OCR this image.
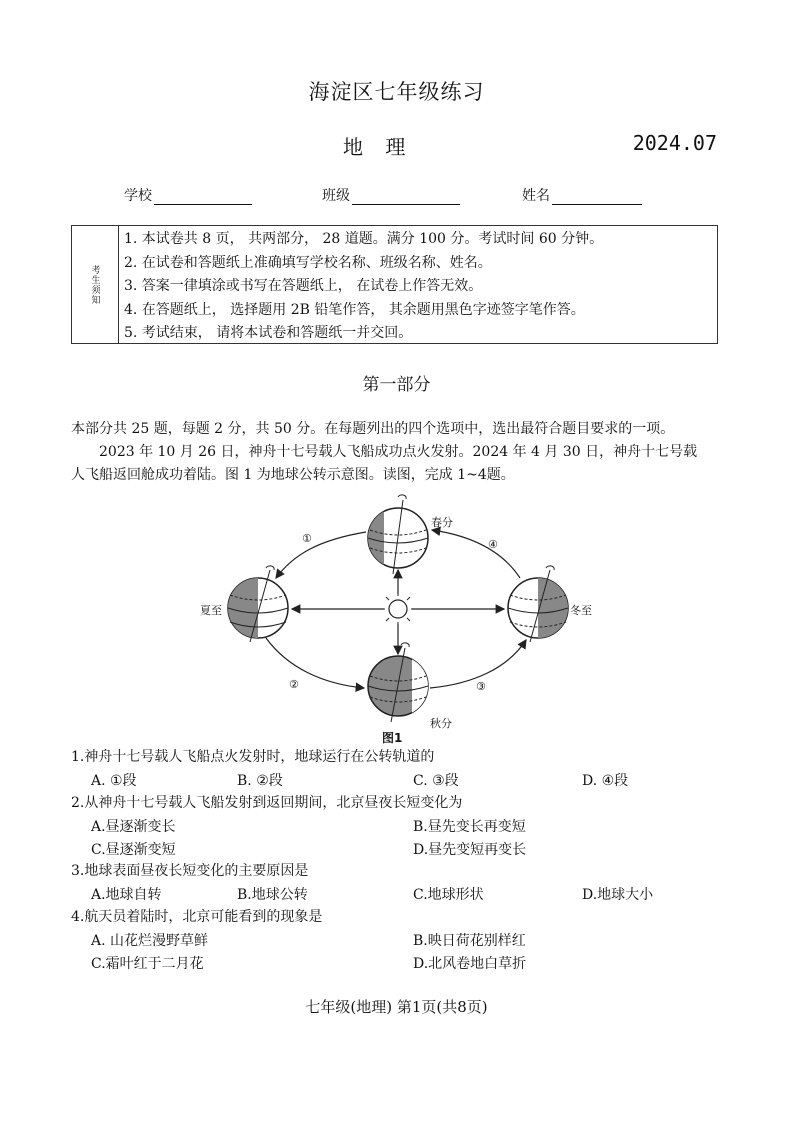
海淀区七年级练习
地 理	2024.07
学校	班级	姓名
考生须知
1. 本试卷共 8 页， 共两部分， 28 道题。满分 100 分。考试时间 60 分钟。
2. 在试卷和答题纸上准确填写学校名称、班级名称、姓名。
3. 答案一律填涂或书写在答题纸上， 在试卷上作答无效。
4. 在答题纸上， 选择题用 2B 铅笔作答， 其余题用黑色字迹签字笔作答。
5. 考试结束， 请将本试卷和答题纸一并交回。
第一部分
本部分共 25 题，每题 2 分，共 50 分。在每题列出的四个选项中，选出最符合题目要求的一项。
2023 年 10 月 26 日，神舟十七号载人飞船成功点火发射。2024 年 4 月 30 日，神舟十七号载
人飞船返回舱成功着陆。图 1 为地球公转示意图。读图，完成 1~4题。
春分
夏至
秋分
冬至
①
②	③
④
图1
1.神舟十七号载人飞船点火发射时，地球运行在公转轨道的
A. ①段	B. ②段	C. ③段	D. ④段
2.从神舟十七号载人飞船发射到返回期间，北京昼夜长短变化为
A.昼逐渐变长	B.昼先变长再变短
C.昼逐渐变短	D.昼先变短再变长
3.地球表面昼夜长短变化的主要原因是
A.地球自转	B.地球公转	C.地球形状	D.地球大小
4.航天员着陆时，北京可能看到的现象是
A. 山花烂漫野草鲜	B.映日荷花别样红
C.霜叶红于二月花	D.北风卷地白草折
七年级(地理) 第1页(共8页)
